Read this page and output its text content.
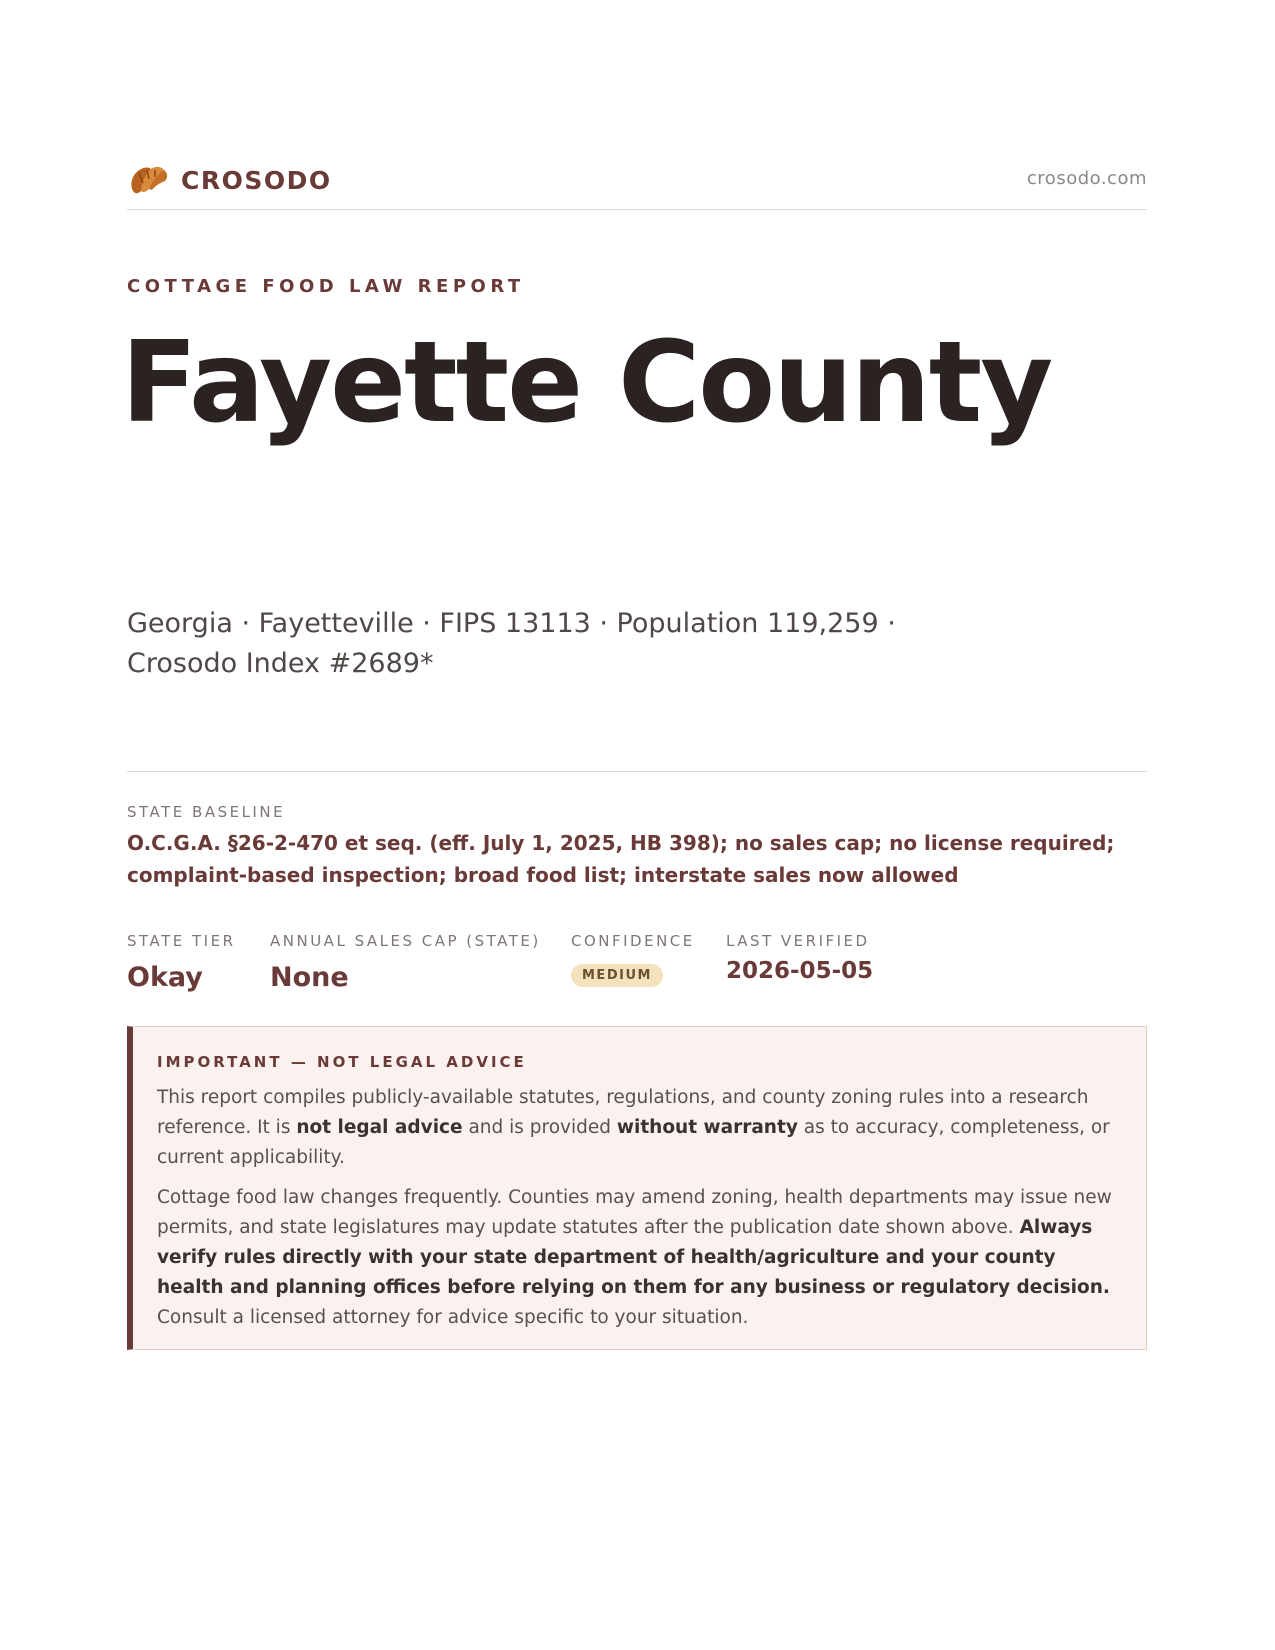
CROSODO	crosodo.com
COTTAGE FOOD LAW REPORT
Fayette County
Georgia · Fayetteville · FIPS 13113 · Population 119,259 ·
Crosodo Index #2689*
STATE BASELINE
O.C.G.A. §26-2-470 et seq. (eff. July 1, 2025, HB 398); no sales cap; no license required; complaint-based inspection; broad food list; interstate sales now allowed
STATE TIER
Okay
ANNUAL SALES CAP (STATE)
None
CONFIDENCE
MEDIUM
LAST VERIFIED
2026-05-05
IMPORTANT — NOT LEGAL ADVICE

This report compiles publicly-available statutes, regulations, and county zoning rules into a research reference. It is not legal advice and is provided without warranty as to accuracy, completeness, or current applicability.

Cottage food law changes frequently. Counties may amend zoning, health departments may issue new permits, and state legislatures may update statutes after the publication date shown above. Always verify rules directly with your state department of health/agriculture and your county health and planning offices before relying on them for any business or regulatory decision. Consult a licensed attorney for advice specific to your situation.
